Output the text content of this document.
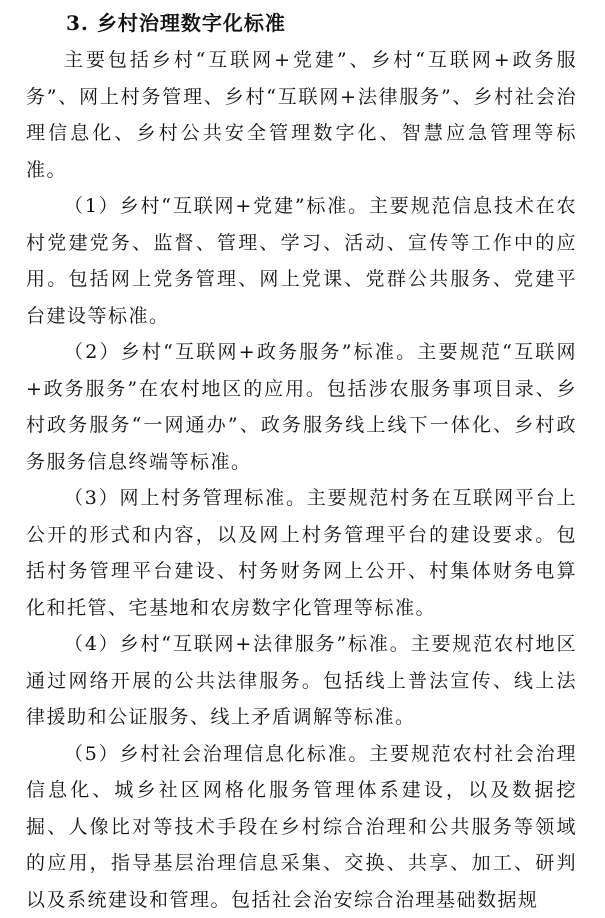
3. 乡村治理数字化标准

主要包括乡村“互联网+党建”、乡村“互联网+政务服务”、网上村务管理、乡村“互联网+法律服务”、乡村社会治理信息化、乡村公共安全管理数字化、智慧应急管理等标准。

（1）乡村“互联网+党建”标准。主要规范信息技术在农村党建党务、监督、管理、学习、活动、宣传等工作中的应用。包括网上党务管理、网上党课、党群公共服务、党建平台建设等标准。

（2）乡村“互联网+政务服务”标准。主要规范“互联网+政务服务”在农村地区的应用。包括涉农服务事项目录、乡村政务服务“一网通办”、政务服务线上线下一体化、乡村政务服务信息终端等标准。

（3）网上村务管理标准。主要规范村务在互联网平台上公开的形式和内容，以及网上村务管理平台的建设要求。包括村务管理平台建设、村务财务网上公开、村集体财务电算化和托管、宅基地和农房数字化管理等标准。

（4）乡村“互联网+法律服务”标准。主要规范农村地区通过网络开展的公共法律服务。包括线上普法宣传、线上法律援助和公证服务、线上矛盾调解等标准。

（5）乡村社会治理信息化标准。主要规范农村社会治理信息化、城乡社区网格化服务管理体系建设，以及数据挖掘、人像比对等技术手段在乡村综合治理和公共服务等领域的应用，指导基层治理信息采集、交换、共享、加工、研判以及系统建设和管理。包括社会治安综合治理基础数据规
